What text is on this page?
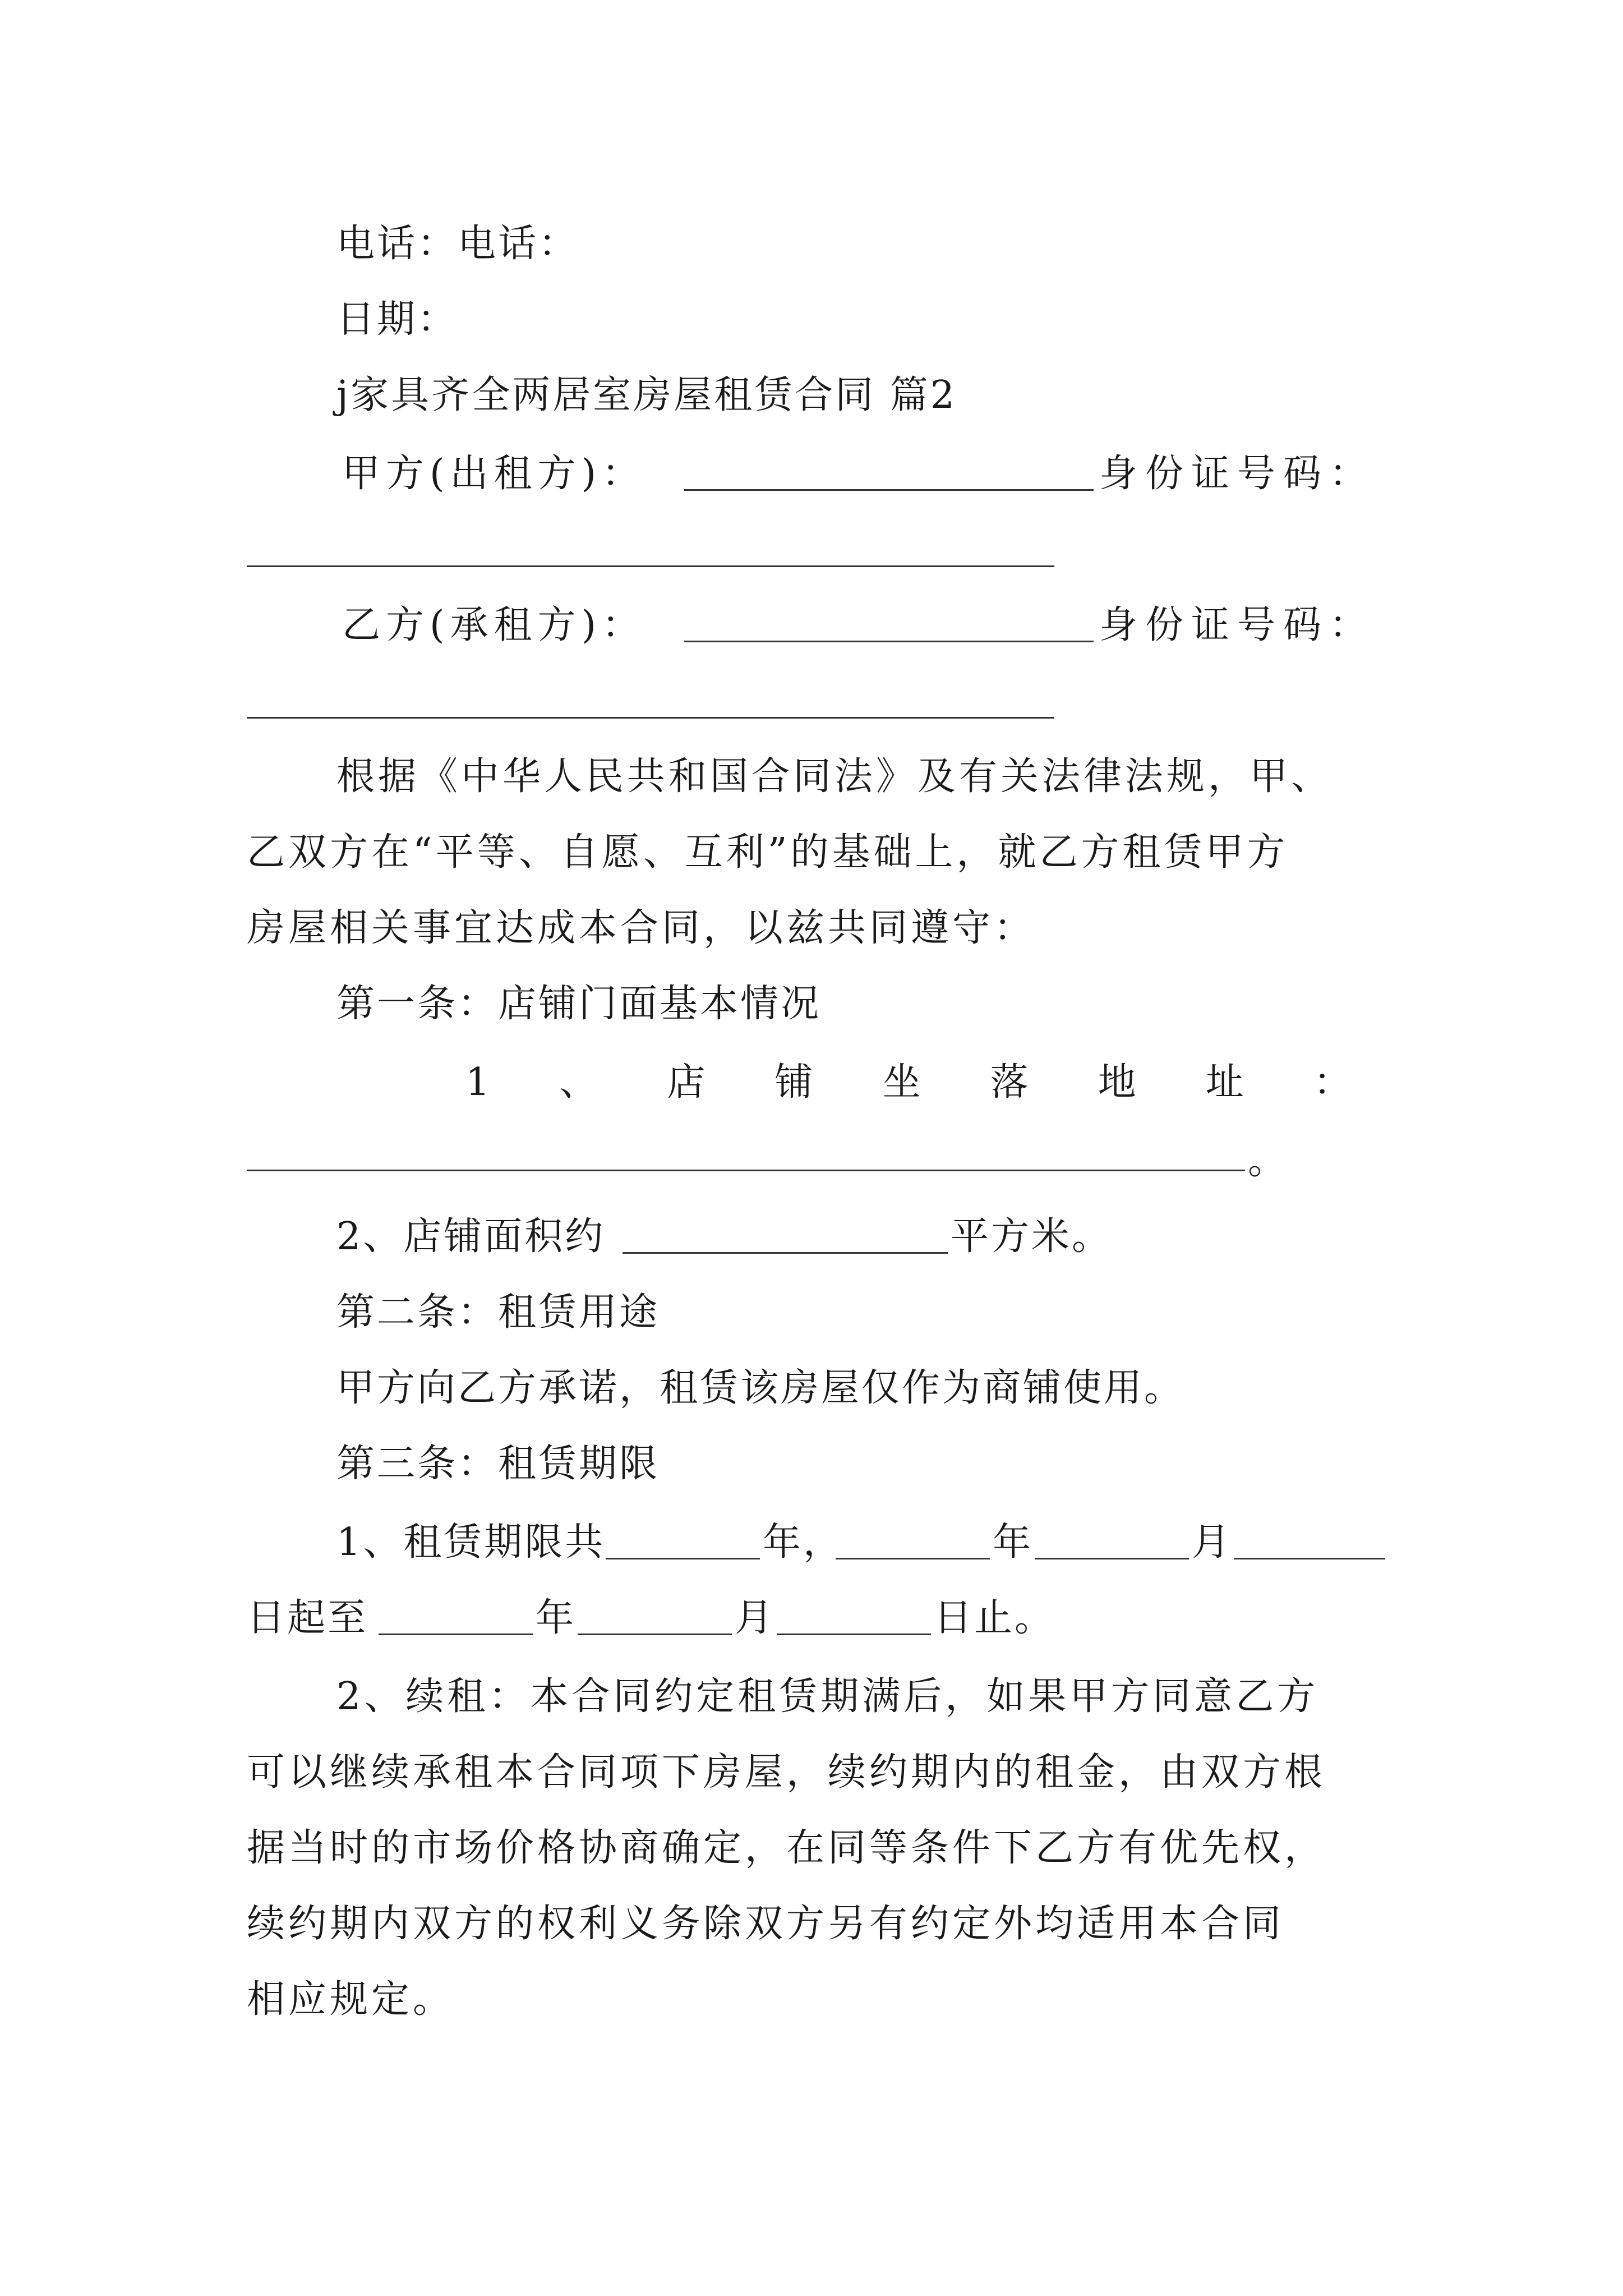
电话：电话：
日期：
j家具齐全两居室房屋租赁合同 篇2
甲方(出租方)：	身份证号码：
乙方(承租方)：	身份证号码：
根据《中华人民共和国合同法》及有关法律法规，甲、
乙双方在“平等、自愿、互利”的基础上，就乙方租赁甲方
房屋相关事宜达成本合同，以兹共同遵守：
第一条：店铺门面基本情况
1 、 店 铺 坐 落 地 址 ：
。
2、店铺面积约	平方米。
第二条：租赁用途
甲方向乙方承诺，租赁该房屋仅作为商铺使用。
第三条：租赁期限
1、租赁期限共	年，	年	月
日起至	年	月	日止。
2、续租：本合同约定租赁期满后，如果甲方同意乙方
可以继续承租本合同项下房屋，续约期内的租金，由双方根
据当时的市场价格协商确定，在同等条件下乙方有优先权，
续约期内双方的权利义务除双方另有约定外均适用本合同
相应规定。
